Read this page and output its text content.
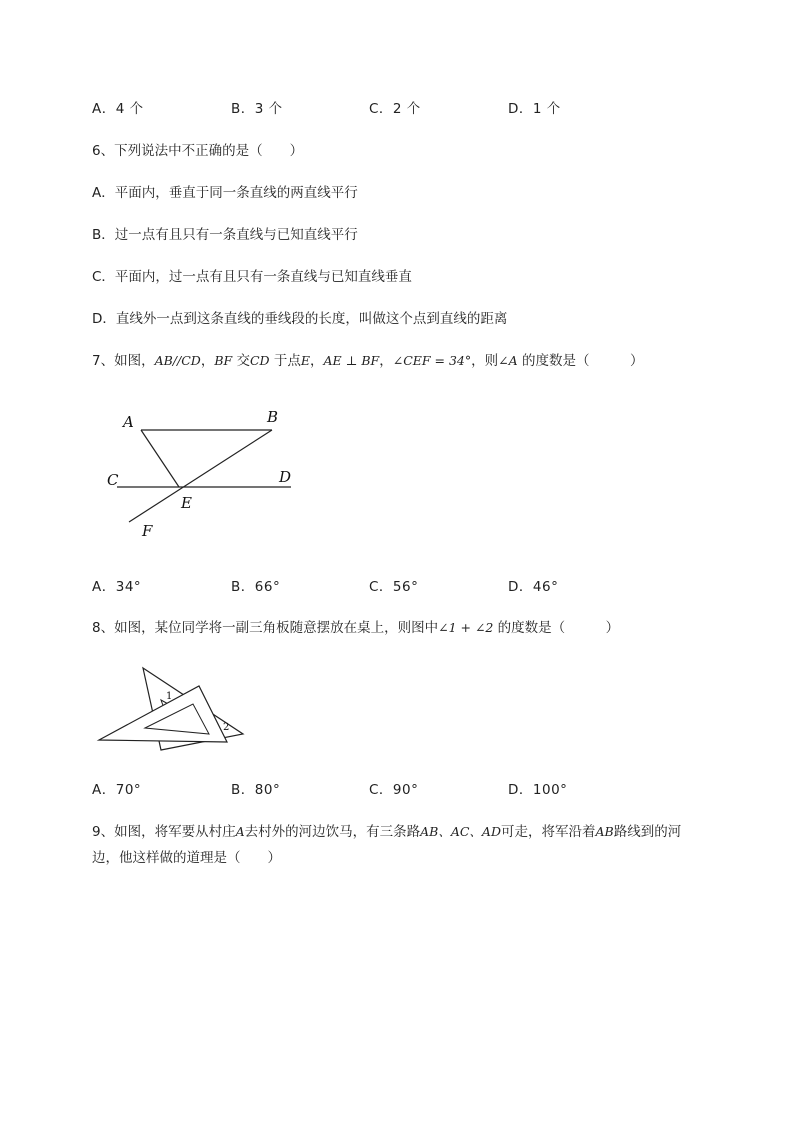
A．4 个	B．3 个	C．2 个	D．1 个
6、下列说法中不正确的是（　　）
A．平面内，垂直于同一条直线的两直线平行
B．过一点有且只有一条直线与已知直线平行
C．平面内，过一点有且只有一条直线与已知直线垂直
D．直线外一点到这条直线的垂线段的长度，叫做这个点到直线的距离
7、如图，AB//CD，BF 交CD 于点E，AE ⊥ BF，∠CEF = 34°，则∠A 的度数是（　　　）
A	B
C	D
E
F
A．34°	B．66°	C．56°	D．46°
8、如图，某位同学将一副三角板随意摆放在桌上，则图中∠1 + ∠2 的度数是（　　　）
1
2
A．70°	B．80°	C．90°	D．100°
9、如图，将军要从村庄A去村外的河边饮马，有三条路AB、AC、AD可走，将军沿着AB路线到的河
边，他这样做的道理是（　　）
